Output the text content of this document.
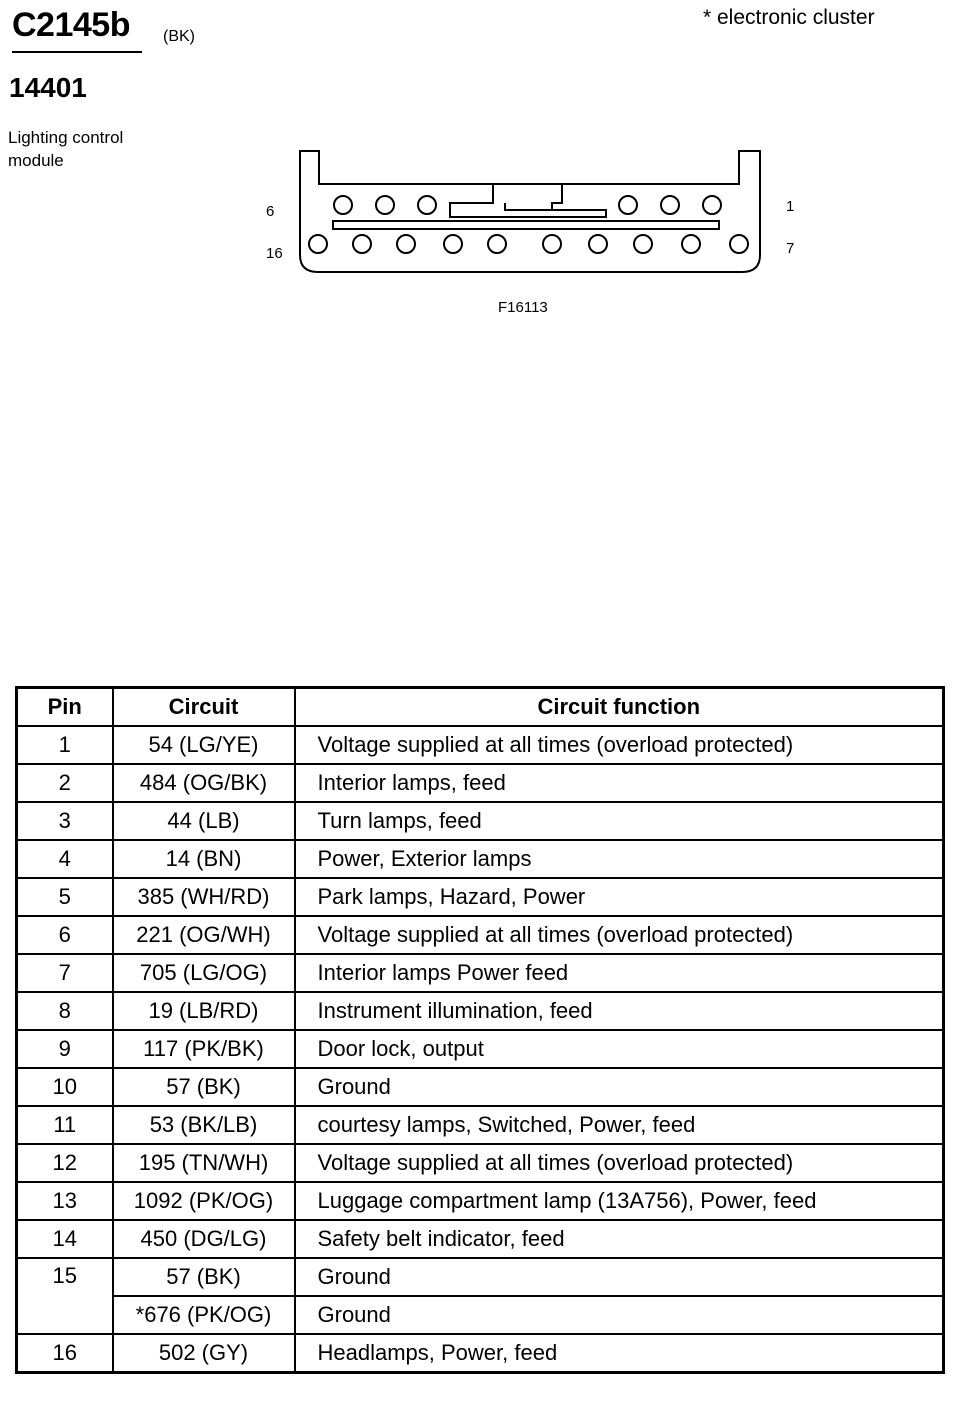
C2145b (BK)
* electronic cluster
14401
Lighting control module
6	1
16	7
F16113
Pin	Circuit	Circuit function
1	54 (LG/YE)	Voltage supplied at all times (overload protected)
2	484 (OG/BK)	Interior lamps, feed
3	44 (LB)	Turn lamps, feed
4	14 (BN)	Power, Exterior lamps
5	385 (WH/RD)	Park lamps, Hazard, Power
6	221 (OG/WH)	Voltage supplied at all times (overload protected)
7	705 (LG/OG)	Interior lamps Power feed
8	19 (LB/RD)	Instrument illumination, feed
9	117 (PK/BK)	Door lock, output
10	57 (BK)	Ground
11	53 (BK/LB)	courtesy lamps, Switched, Power, feed
12	195 (TN/WH)	Voltage supplied at all times (overload protected)
13	1092 (PK/OG)	Luggage compartment lamp (13A756), Power, feed
14	450 (DG/LG)	Safety belt indicator, feed
15	57 (BK)	Ground
	*676 (PK/OG)	Ground
16	502 (GY)	Headlamps, Power, feed
